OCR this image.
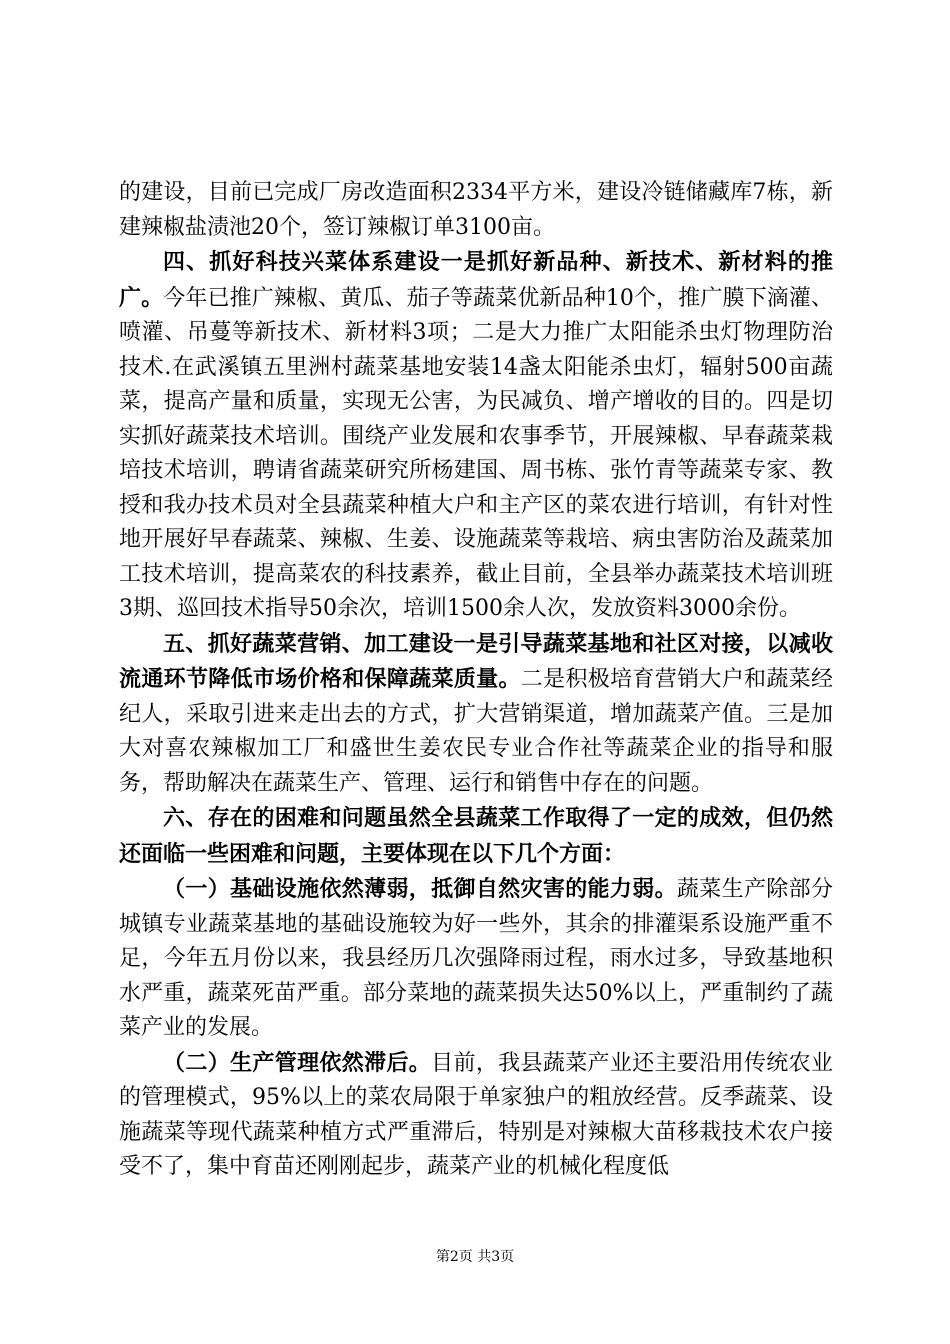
的建设，目前已完成厂房改造面积2334平方米，建设冷链储藏库7栋，新建辣椒盐渍池20个，签订辣椒订单3100亩。

四、抓好科技兴菜体系建设一是抓好新品种、新技术、新材料的推广。今年已推广辣椒、黄瓜、茄子等蔬菜优新品种10个，推广膜下滴灌、喷灌、吊蔓等新技术、新材料3项；二是大力推广太阳能杀虫灯物理防治技术.在武溪镇五里洲村蔬菜基地安装14盏太阳能杀虫灯，辐射500亩蔬菜，提高产量和质量，实现无公害，为民减负、增产增收的目的。四是切实抓好蔬菜技术培训。围绕产业发展和农事季节，开展辣椒、早春蔬菜栽培技术培训，聘请省蔬菜研究所杨建国、周书栋、张竹青等蔬菜专家、教授和我办技术员对全县蔬菜种植大户和主产区的菜农进行培训，有针对性地开展好早春蔬菜、辣椒、生姜、设施蔬菜等栽培、病虫害防治及蔬菜加工技术培训，提高菜农的科技素养，截止目前，全县举办蔬菜技术培训班3期、巡回技术指导50余次，培训1500余人次，发放资料3000余份。

五、抓好蔬菜营销、加工建设一是引导蔬菜基地和社区对接，以减收流通环节降低市场价格和保障蔬菜质量。二是积极培育营销大户和蔬菜经纪人，采取引进来走出去的方式，扩大营销渠道，增加蔬菜产值。三是加大对喜农辣椒加工厂和盛世生姜农民专业合作社等蔬菜企业的指导和服务，帮助解决在蔬菜生产、管理、运行和销售中存在的问题。

六、存在的困难和问题虽然全县蔬菜工作取得了一定的成效，但仍然还面临一些困难和问题，主要体现在以下几个方面：

（一）基础设施依然薄弱，抵御自然灾害的能力弱。蔬菜生产除部分城镇专业蔬菜基地的基础设施较为好一些外，其余的排灌渠系设施严重不足，今年五月份以来，我县经历几次强降雨过程，雨水过多，导致基地积水严重，蔬菜死苗严重。部分菜地的蔬菜损失达50%以上，严重制约了蔬菜产业的发展。

（二）生产管理依然滞后。目前，我县蔬菜产业还主要沿用传统农业的管理模式，95%以上的菜农局限于单家独户的粗放经营。反季蔬菜、设施蔬菜等现代蔬菜种植方式严重滞后，特别是对辣椒大苗移栽技术农户接受不了，集中育苗还刚刚起步，蔬菜产业的机械化程度低

第2页 共3页
